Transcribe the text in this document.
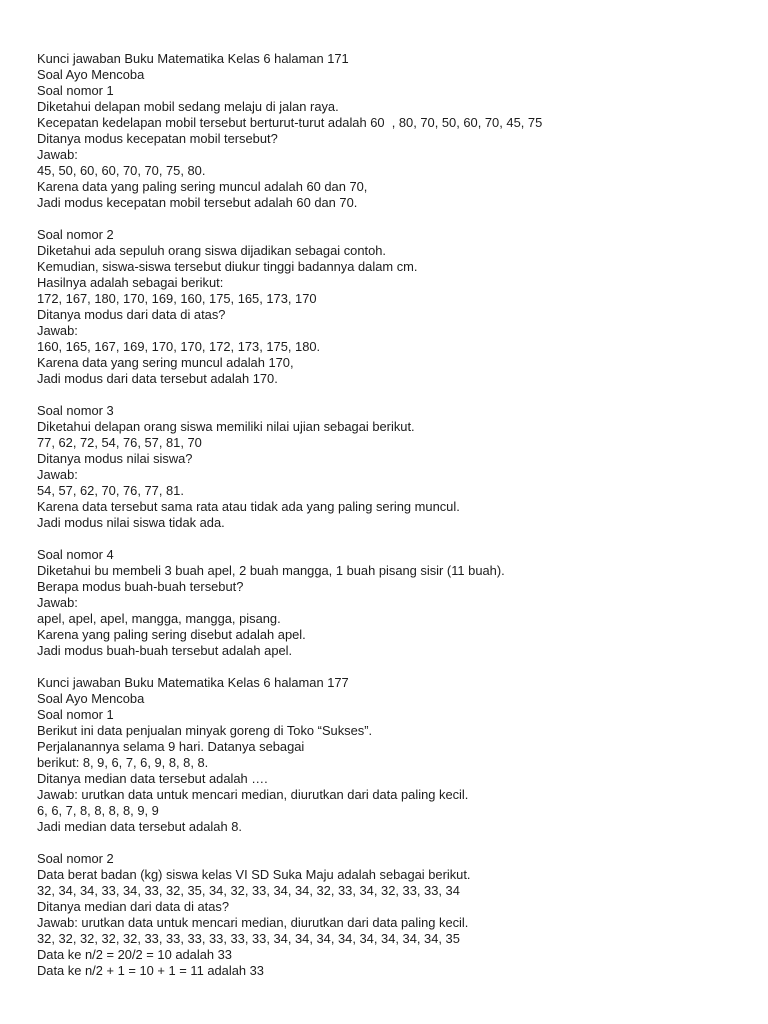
Kunci jawaban Buku Matematika Kelas 6 halaman 171
Soal Ayo Mencoba
Soal nomor 1
Diketahui delapan mobil sedang melaju di jalan raya.
Kecepatan kedelapan mobil tersebut berturut-turut adalah 60  , 80, 70, 50, 60, 70, 45, 75
Ditanya modus kecepatan mobil tersebut?
Jawab:
45, 50, 60, 60, 70, 70, 75, 80.
Karena data yang paling sering muncul adalah 60 dan 70,
Jadi modus kecepatan mobil tersebut adalah 60 dan 70.
Soal nomor 2
Diketahui ada sepuluh orang siswa dijadikan sebagai contoh.
Kemudian, siswa-siswa tersebut diukur tinggi badannya dalam cm.
Hasilnya adalah sebagai berikut:
172, 167, 180, 170, 169, 160, 175, 165, 173, 170
Ditanya modus dari data di atas?
Jawab:
160, 165, 167, 169, 170, 170, 172, 173, 175, 180.
Karena data yang sering muncul adalah 170,
Jadi modus dari data tersebut adalah 170.
Soal nomor 3
Diketahui delapan orang siswa memiliki nilai ujian sebagai berikut.
77, 62, 72, 54, 76, 57, 81, 70
Ditanya modus nilai siswa?
Jawab:
54, 57, 62, 70, 76, 77, 81.
Karena data tersebut sama rata atau tidak ada yang paling sering muncul.
Jadi modus nilai siswa tidak ada.
Soal nomor 4
Diketahui bu membeli 3 buah apel, 2 buah mangga, 1 buah pisang sisir (11 buah).
Berapa modus buah-buah tersebut?
Jawab:
apel, apel, apel, mangga, mangga, pisang.
Karena yang paling sering disebut adalah apel.
Jadi modus buah-buah tersebut adalah apel.
Kunci jawaban Buku Matematika Kelas 6 halaman 177
Soal Ayo Mencoba
Soal nomor 1
Berikut ini data penjualan minyak goreng di Toko “Sukses”.
Perjalanannya selama 9 hari. Datanya sebagai
berikut: 8, 9, 6, 7, 6, 9, 8, 8, 8.
Ditanya median data tersebut adalah ….
Jawab: urutkan data untuk mencari median, diurutkan dari data paling kecil.
6, 6, 7, 8, 8, 8, 8, 9, 9
Jadi median data tersebut adalah 8.
Soal nomor 2
Data berat badan (kg) siswa kelas VI SD Suka Maju adalah sebagai berikut.
32, 34, 34, 33, 34, 33, 32, 35, 34, 32, 33, 34, 34, 32, 33, 34, 32, 33, 33, 34
Ditanya median dari data di atas?
Jawab: urutkan data untuk mencari median, diurutkan dari data paling kecil.
32, 32, 32, 32, 32, 33, 33, 33, 33, 33, 33, 34, 34, 34, 34, 34, 34, 34, 34, 35
Data ke n/2 = 20/2 = 10 adalah 33
Data ke n/2 + 1 = 10 + 1 = 11 adalah 33
